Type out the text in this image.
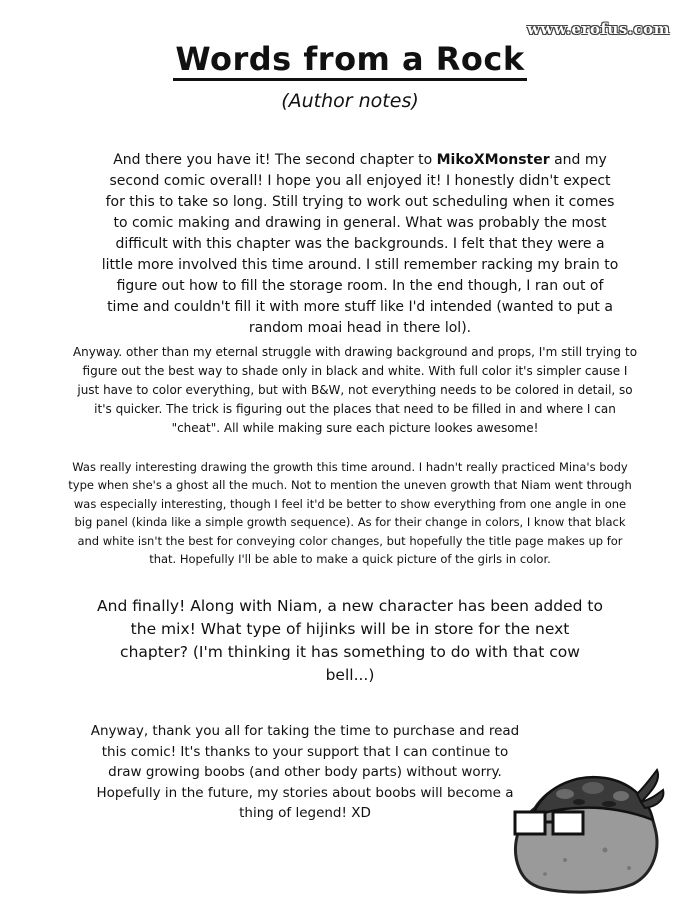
www.erofus.com
Words from a Rock
(Author notes)

And there you have it! The second chapter to MikoXMonster and my second comic overall! I hope you all enjoyed it! I honestly didn't expect for this to take so long. Still trying to work out scheduling when it comes to comic making and drawing in general. What was probably the most difficult with this chapter was the backgrounds. I felt that they were a little more involved this time around. I still remember racking my brain to figure out how to fill the storage room. In the end though, I ran out of time and couldn't fill it with more stuff like I'd intended (wanted to put a random moai head in there lol).

Anyway. other than my eternal struggle with drawing background and props, I'm still trying to figure out the best way to shade only in black and white. With full color it's simpler cause I just have to color everything, but with B&W, not everything needs to be colored in detail, so it's quicker. The trick is figuring out the places that need to be filled in and where I can "cheat". All while making sure each picture lookes awesome!

Was really interesting drawing the growth this time around. I hadn't really practiced Mina's body type when she's a ghost all the much. Not to mention the uneven growth that Niam went through was especially interesting, though I feel it'd be better to show everything from one angle in one big panel (kinda like a simple growth sequence). As for their change in colors, I know that black and white isn't the best for conveying color changes, but hopefully the title page makes up for that. Hopefully I'll be able to make a quick picture of the girls in color.

And finally! Along with Niam, a new character has been added to the mix! What type of hijinks will be in store for the next chapter? (I'm thinking it has something to do with that cow bell...)

Anyway, thank you all for taking the time to purchase and read this comic! It's thanks to your support that I can continue to draw growing boobs (and other body parts) without worry. Hopefully in the future, my stories about boobs will become a thing of legend! XD
